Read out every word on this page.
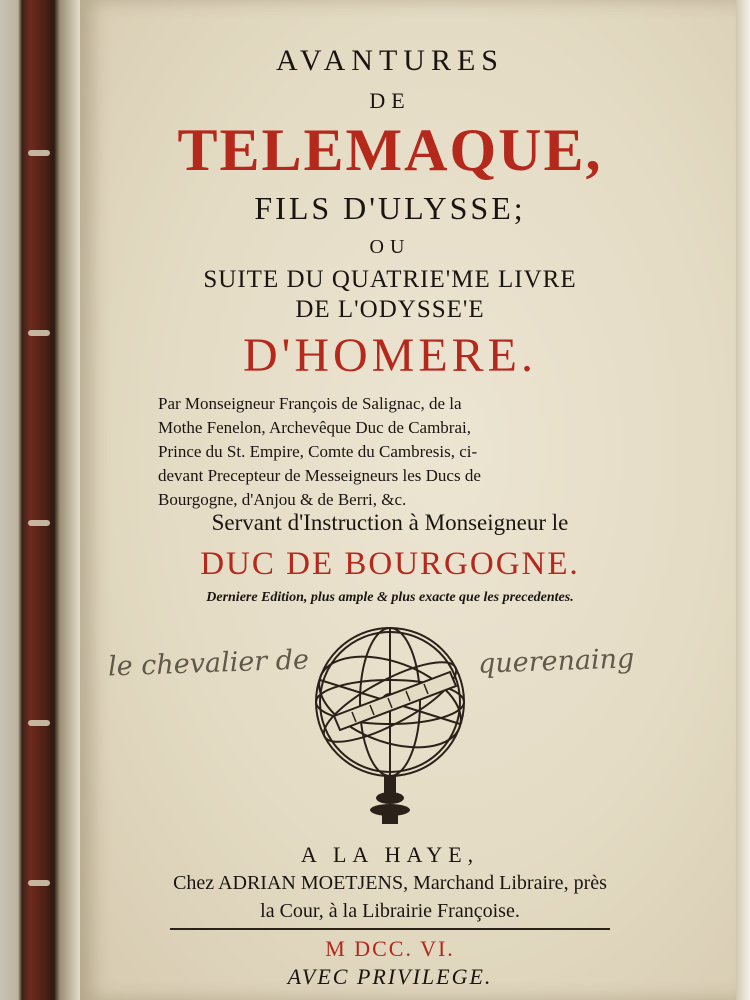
AVANTURES
DE
TELEMAQUE,
FILS D'ULYSSE;
OU
SUITE DU QUATRIE'ME LIVRE
DE L'ODYSSE'E
D'HOMERE.
Par Monseigneur François de Salignac, de la
Mothe Fenelon, Archevêque Duc de Cambrai,
Prince du St. Empire, Comte du Cambresis, ci-
devant Precepteur de Messeigneurs les Ducs de
Bourgogne, d'Anjou & de Berri, &c.
Servant d'Instruction à Monseigneur le
DUC DE BOURGOGNE.
Derniere Edition, plus ample & plus exacte que les precedentes.
le chevalier de	querenaing
A LA HAYE,
Chez ADRIAN MOETJENS, Marchand Libraire, près
la Cour, à la Librairie Françoise.
M DCC. VI.
AVEC PRIVILEGE.
